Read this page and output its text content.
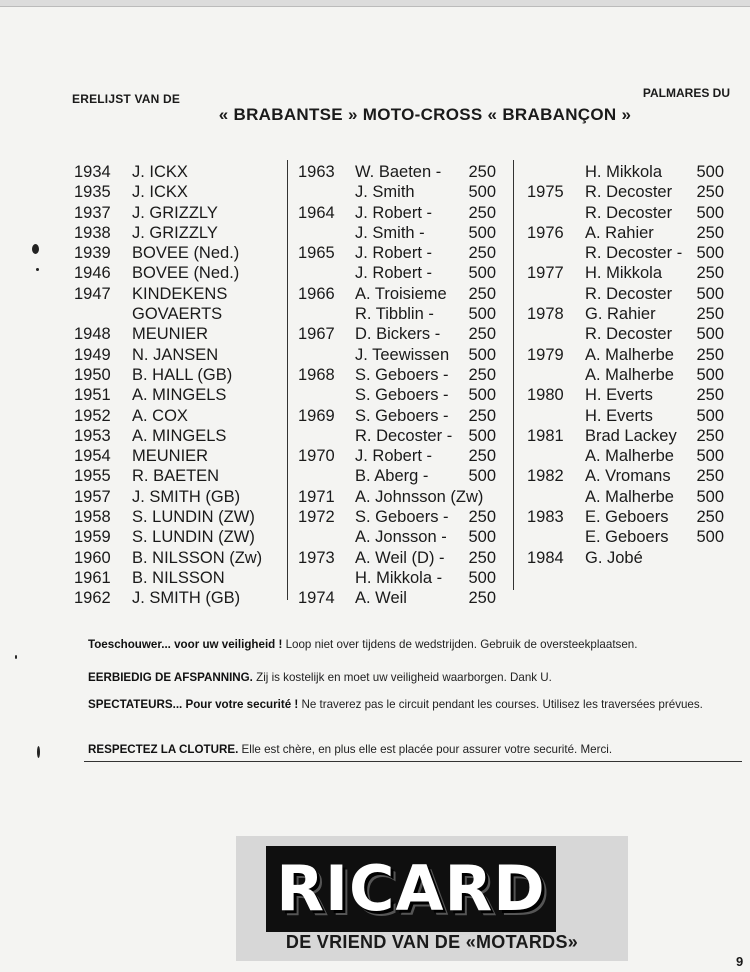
ERELIJST VAN DE	PALMARES DU
« BRABANTSE » MOTO-CROSS « BRABANÇON »
1934	J. ICKX
1935	J. ICKX
1937	J. GRIZZLY
1938	J. GRIZZLY
1939	BOVEE (Ned.)
1946	BOVEE (Ned.)
1947	KINDEKENS
GOVAERTS
1948	MEUNIER
1949	N. JANSEN
1950	B. HALL (GB)
1951	A. MINGELS
1952	A. COX
1953	A. MINGELS
1954	MEUNIER
1955	R. BAETEN
1957	J. SMITH (GB)
1958	S. LUNDIN (ZW)
1959	S. LUNDIN (ZW)
1960	B. NILSSON (Zw)
1961	B. NILSSON
1962	J. SMITH (GB)
1963	W. Baeten - 250
J. Smith	500
1964	J. Robert - 250
J. Smith -	500
1965	J. Robert - 250
J. Robert - 500
1966	A. Troisieme 250
R. Tibblin - 500
1967	D. Bickers - 250
J. Teewissen 500
1968	S. Geboers - 250
S. Geboers - 500
1969	S. Geboers - 250
R. Decoster - 500
1970	J. Robert - 250
B. Aberg - 500
1971	A. Johnsson (Zw)
1972	S. Geboers - 250
A. Jonsson - 500
1973	A. Weil (D) - 250
H. Mikkola - 500
1974	A. Weil	250
H. Mikkola 500
1975	R. Decoster 250
R. Decoster 500
1976	A. Rahier	250
R. Decoster - 500
1977	H. Mikkola 250
R. Decoster 500
1978	G. Rahier 250
R. Decoster 500
1979	A. Malherbe 250
A. Malherbe 500
1980	H. Everts	250
H. Everts	500
1981	Brad Lackey 250
A. Malherbe 500
1982	A. Vromans 250
A. Malherbe 500
1983	E. Geboers 250
E. Geboers 500
1984	G. Jobé
Toeschouwer... voor uw veiligheid ! Loop niet over tijdens de wedstrijden. Gebruik de oversteekplaatsen.
EERBIEDIG DE AFSPANNING. Zij is kostelijk en moet uw veiligheid waarborgen. Dank U.
SPECTATEURS... Pour votre securité ! Ne traverez pas le circuit pendant les courses. Utilisez les traversées prévues.
RESPECTEZ LA CLOTURE. Elle est chère, en plus elle est placée pour assurer votre securité. Merci.
RICARD
DE VRIEND VAN DE «MOTARDS»
9
